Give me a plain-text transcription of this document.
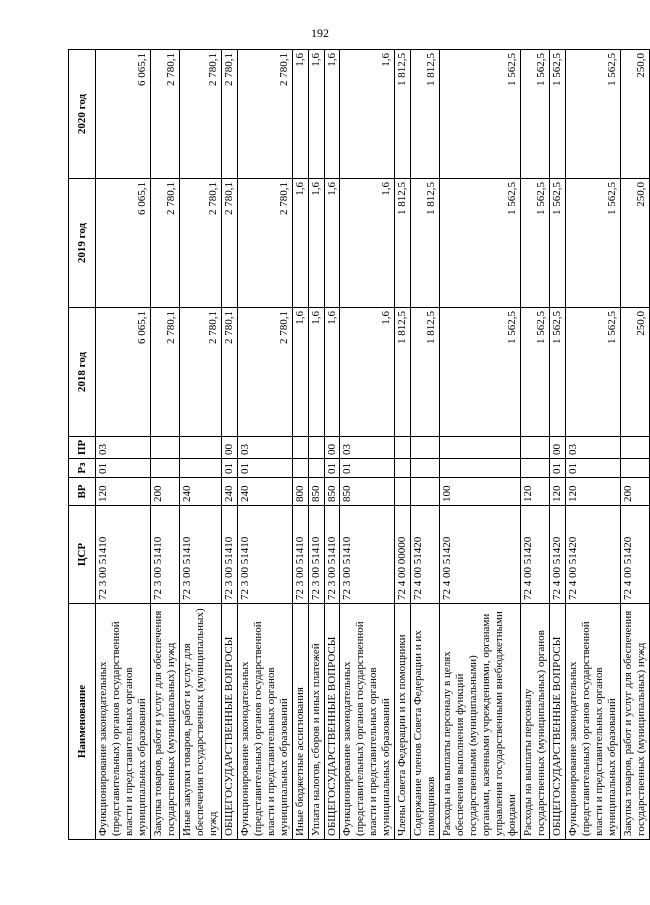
192
Наименование	ЦСР	ВР	Рз	ПР	2018 год	2019 год	2020 год
Функционирование законодательных (представительных) органов государственной власти и представительных органов муниципальных образований	72 3 00 51410	120	01	03	6 065,1	6 065,1	6 065,1
Закупка товаров, работ и услуг для обеспечения государственных (муниципальных) нужд	72 3 00 51410	200			2 780,1	2 780,1	2 780,1
Иные закупки товаров, работ и услуг для обеспечения государственных (муниципальных) нужд	72 3 00 51410	240			2 780,1	2 780,1	2 780,1
ОБЩЕГОСУДАРСТВЕННЫЕ ВОПРОСЫ	72 3 00 51410	240	01	00	2 780,1	2 780,1	2 780,1
Функционирование законодательных (представительных) органов государственной власти и представительных органов муниципальных образований	72 3 00 51410	240	01	03	2 780,1	2 780,1	2 780,1
Иные бюджетные ассигнования	72 3 00 51410	800			1,6	1,6	1,6
Уплата налогов, сборов и иных платежей	72 3 00 51410	850			1,6	1,6	1,6
ОБЩЕГОСУДАРСТВЕННЫЕ ВОПРОСЫ	72 3 00 51410	850	01	00	1,6	1,6	1,6
Функционирование законодательных (представительных) органов государственной власти и представительных органов муниципальных образований	72 3 00 51410	850	01	03	1,6	1,6	1,6
Члены Совета Федерации и их помощники	72 4 00 00000				1 812,5	1 812,5	1 812,5
Содержание членов Совета Федерации и их помощников	72 4 00 51420				1 812,5	1 812,5	1 812,5
Расходы на выплаты персоналу в целях обеспечения выполнения функций государственными (муниципальными) органами, казенными учреждениями, органами управления государственными внебюджетными фондами	72 4 00 51420	100			1 562,5	1 562,5	1 562,5
Расходы на выплаты персоналу государственных (муниципальных) органов	72 4 00 51420	120			1 562,5	1 562,5	1 562,5
ОБЩЕГОСУДАРСТВЕННЫЕ ВОПРОСЫ	72 4 00 51420	120	01	00	1 562,5	1 562,5	1 562,5
Функционирование законодательных (представительных) органов государственной власти и представительных органов муниципальных образований	72 4 00 51420	120	01	03	1 562,5	1 562,5	1 562,5
Закупка товаров, работ и услуг для обеспечения государственных (муниципальных) нужд	72 4 00 51420	200			250,0	250,0	250,0
